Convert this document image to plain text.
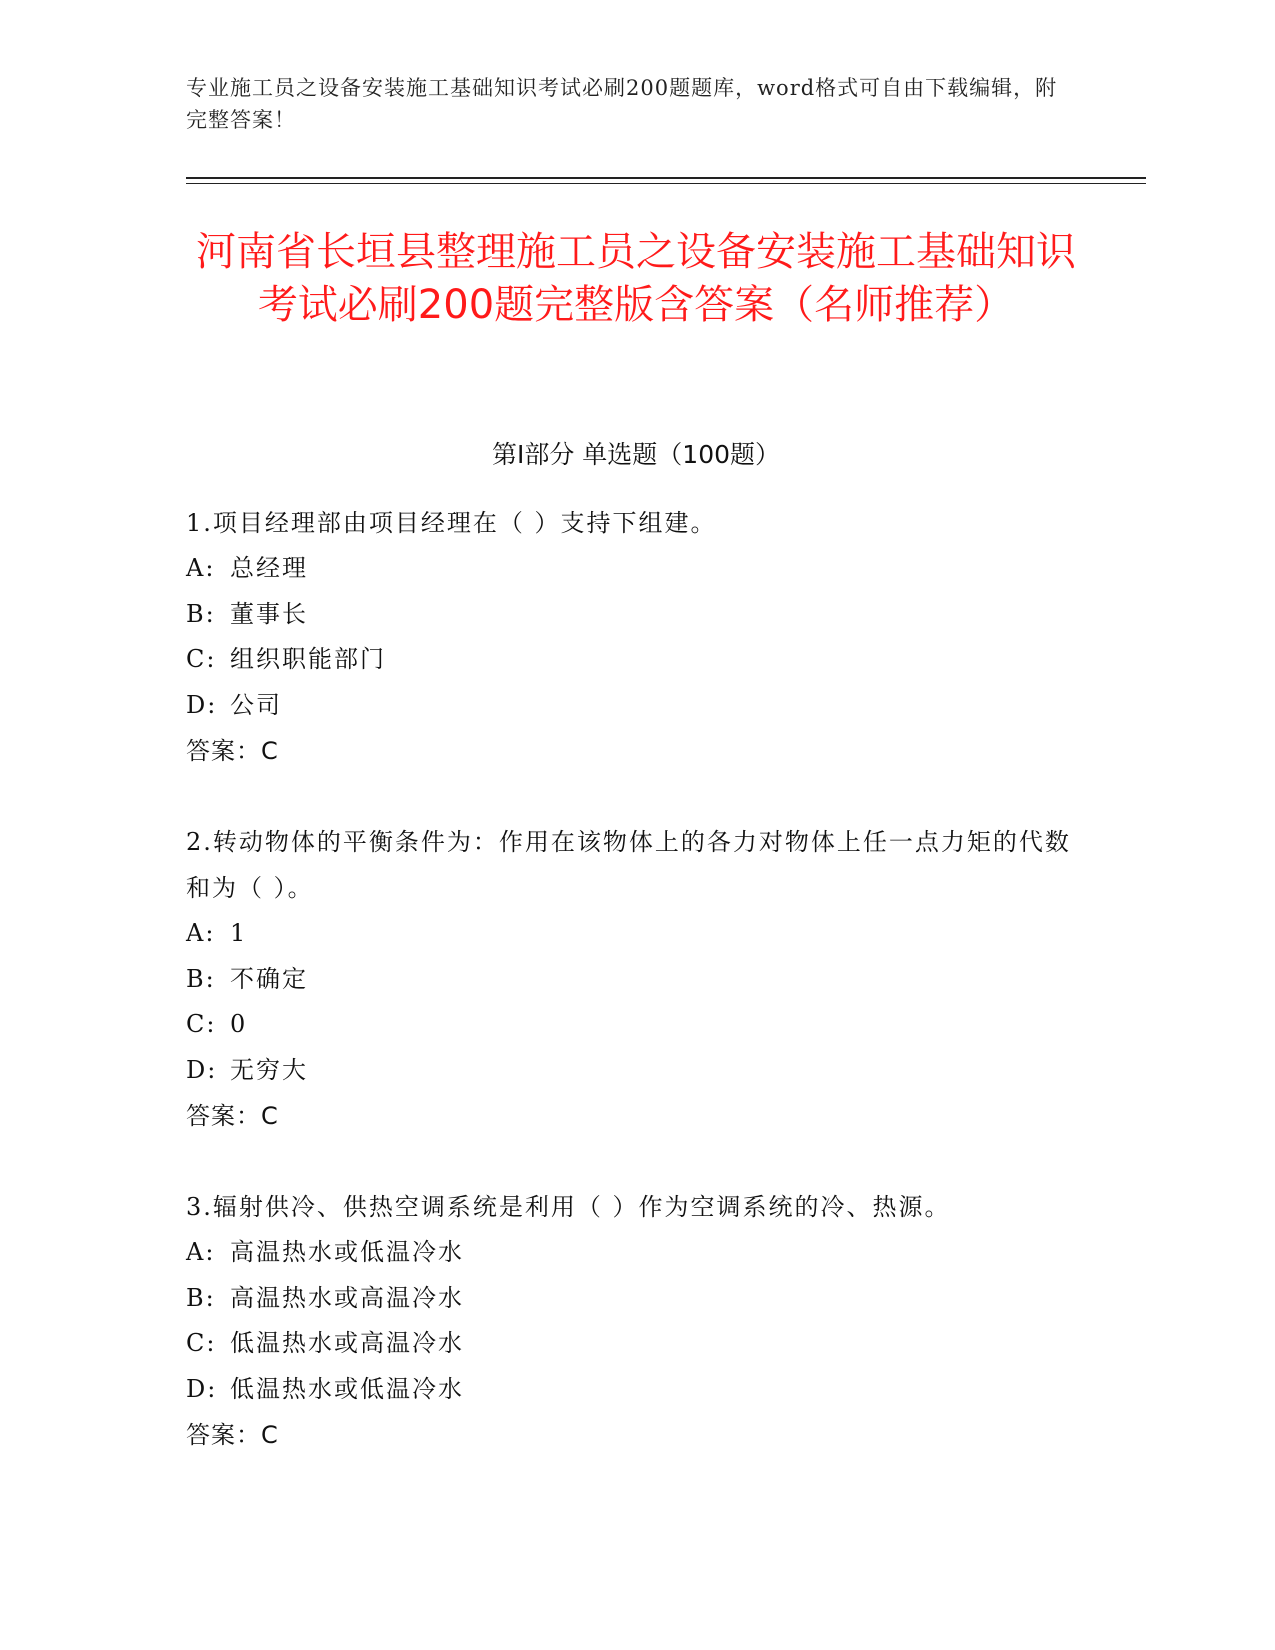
专业施工员之设备安装施工基础知识考试必刷200题题库，word格式可自由下载编辑，附完整答案！
河南省长垣县整理施工员之设备安装施工基础知识考试必刷200题完整版含答案（名师推荐）
第Ⅰ部分 单选题（100题）
1.项目经理部由项目经理在（ ）支持下组建。
A: 总经理
B: 董事长
C: 组织职能部门
D: 公司
答案：C
2.转动物体的平衡条件为：作用在该物体上的各力对物体上任一点力矩的代数和为（ ）。
A: 1
B: 不确定
C: 0
D: 无穷大
答案：C
3.辐射供冷、供热空调系统是利用（ ）作为空调系统的冷、热源。
A: 高温热水或低温冷水
B: 高温热水或高温冷水
C: 低温热水或高温冷水
D: 低温热水或低温冷水
答案：C
